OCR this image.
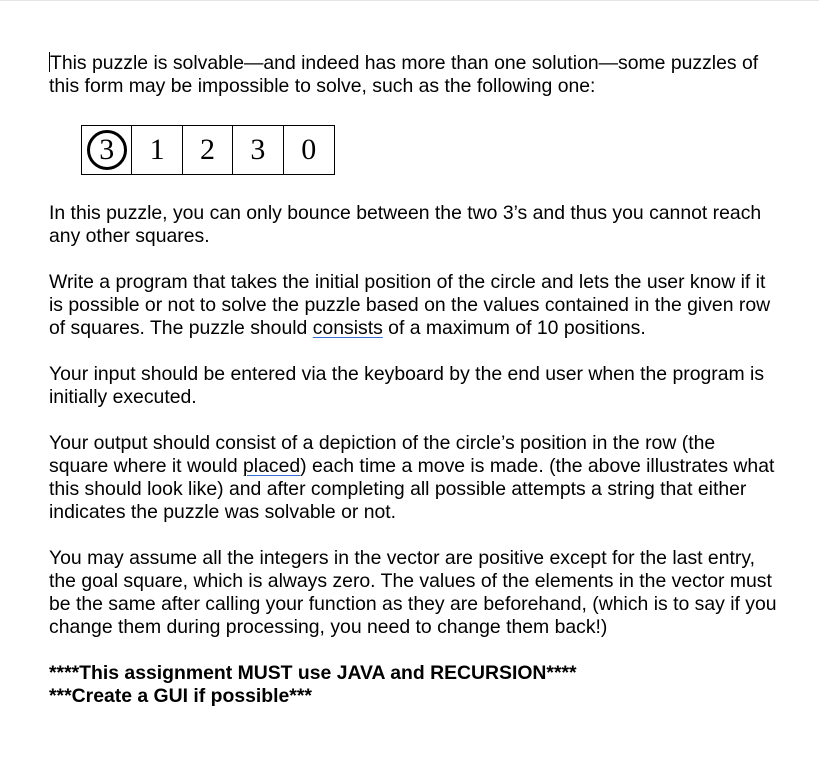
This puzzle is solvable—and indeed has more than one solution—some puzzles of this form may be impossible to solve, such as the following one:

3	1 2 3 0

In this puzzle, you can only bounce between the two 3’s and thus you cannot reach any other squares.

Write a program that takes the initial position of the circle and lets the user know if it is possible or not to solve the puzzle based on the values contained in the given row of squares. The puzzle should consists of a maximum of 10 positions.

Your input should be entered via the keyboard by the end user when the program is initially executed.

Your output should consist of a depiction of the circle’s position in the row (the square where it would placed) each time a move is made. (the above illustrates what this should look like) and after completing all possible attempts a string that either indicates the puzzle was solvable or not.

You may assume all the integers in the vector are positive except for the last entry, the goal square, which is always zero. The values of the elements in the vector must be the same after calling your function as they are beforehand, (which is to say if you change them during processing, you need to change them back!)

****This assignment MUST use JAVA and RECURSION****

***Create a GUI if possible***
